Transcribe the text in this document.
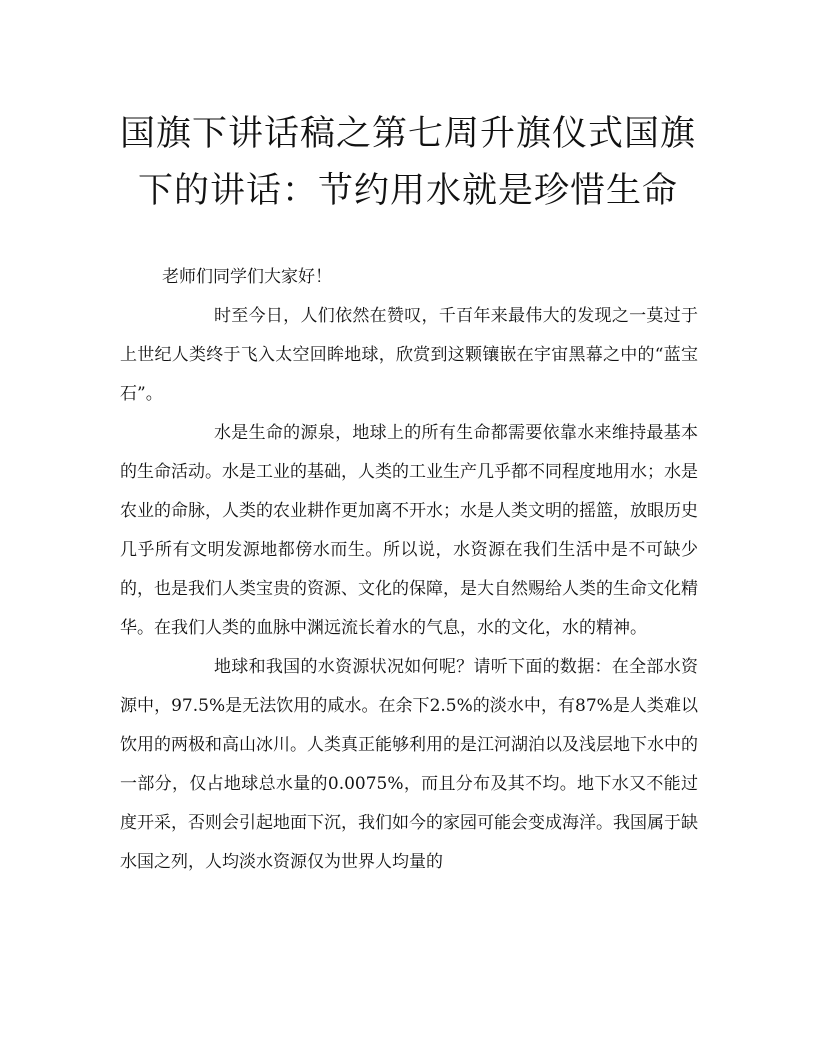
国旗下讲话稿之第七周升旗仪式国旗
下的讲话：节约用水就是珍惜生命

老师们同学们大家好！

时至今日，人们依然在赞叹，千百年来最伟大的发现之一莫过于上世纪人类终于飞入太空回眸地球，欣赏到这颗镶嵌在宇宙黑幕之中的“蓝宝石”。

水是生命的源泉，地球上的所有生命都需要依靠水来维持最基本的生命活动。水是工业的基础，人类的工业生产几乎都不同程度地用水；水是农业的命脉，人类的农业耕作更加离不开水；水是人类文明的摇篮，放眼历史几乎所有文明发源地都傍水而生。所以说，水资源在我们生活中是不可缺少的，也是我们人类宝贵的资源、文化的保障，是大自然赐给人类的生命文化精华。在我们人类的血脉中渊远流长着水的气息，水的文化，水的精神。

地球和我国的水资源状况如何呢？请听下面的数据：在全部水资源中，97.5%是无法饮用的咸水。在余下2.5%的淡水中，有87%是人类难以饮用的两极和高山冰川。人类真正能够利用的是江河湖泊以及浅层地下水中的一部分，仅占地球总水量的0.0075%，而且分布及其不均。地下水又不能过度开采，否则会引起地面下沉，我们如今的家园可能会变成海洋。我国属于缺水国之列，人均淡水资源仅为世界人均量的
